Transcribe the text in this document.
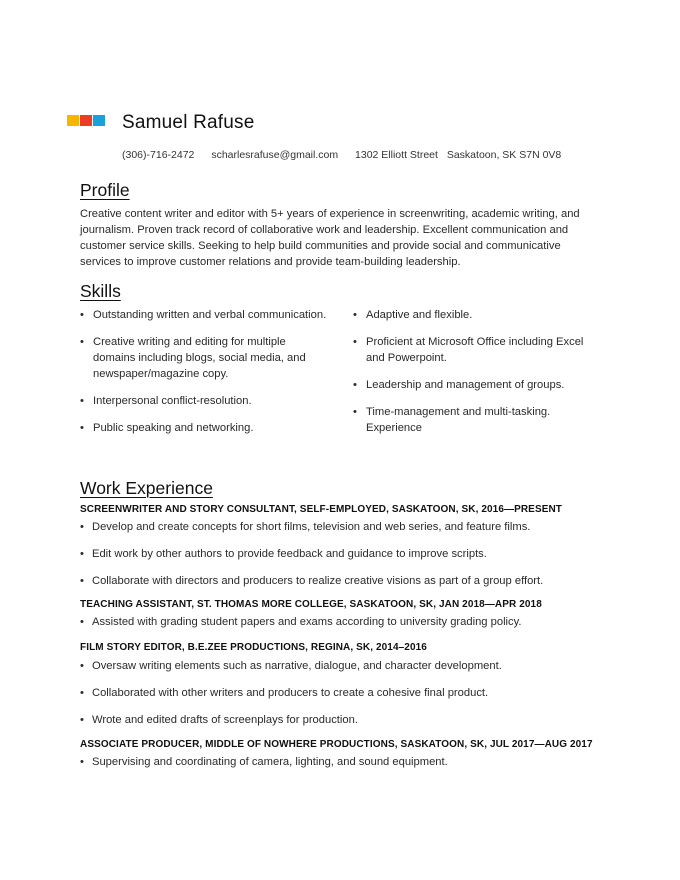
Samuel Rafuse
(306)-716-2472 scharlesrafuse@gmail.com 1302 Elliott Street Saskatoon, SK S7N 0V8
Profile
Creative content writer and editor with 5+ years of experience in screenwriting, academic writing, and journalism. Proven track record of collaborative work and leadership. Excellent communication and customer service skills. Seeking to help build communities and provide social and communicative services to improve customer relations and provide team-building leadership.
Skills
• Outstanding written and verbal communication.
• Creative writing and editing for multiple domains including blogs, social media, and newspaper/magazine copy.
• Interpersonal conflict-resolution.
• Public speaking and networking.
• Adaptive and flexible.
• Proficient at Microsoft Office including Excel and Powerpoint.
• Leadership and management of groups.
• Time-management and multi-tasking. Experience
Work Experience
SCREENWRITER AND STORY CONSULTANT, SELF-EMPLOYED, SASKATOON, SK, 2016—PRESENT
• Develop and create concepts for short films, television and web series, and feature films.
• Edit work by other authors to provide feedback and guidance to improve scripts.
• Collaborate with directors and producers to realize creative visions as part of a group effort.
TEACHING ASSISTANT, ST. THOMAS MORE COLLEGE, SASKATOON, SK, JAN 2018—APR 2018
• Assisted with grading student papers and exams according to university grading policy.
FILM STORY EDITOR, B.E.ZEE PRODUCTIONS, REGINA, SK, 2014–2016
• Oversaw writing elements such as narrative, dialogue, and character development.
• Collaborated with other writers and producers to create a cohesive final product.
• Wrote and edited drafts of screenplays for production.
ASSOCIATE PRODUCER, MIDDLE OF NOWHERE PRODUCTIONS, SASKATOON, SK, JUL 2017—AUG 2017
• Supervising and coordinating of camera, lighting, and sound equipment.
